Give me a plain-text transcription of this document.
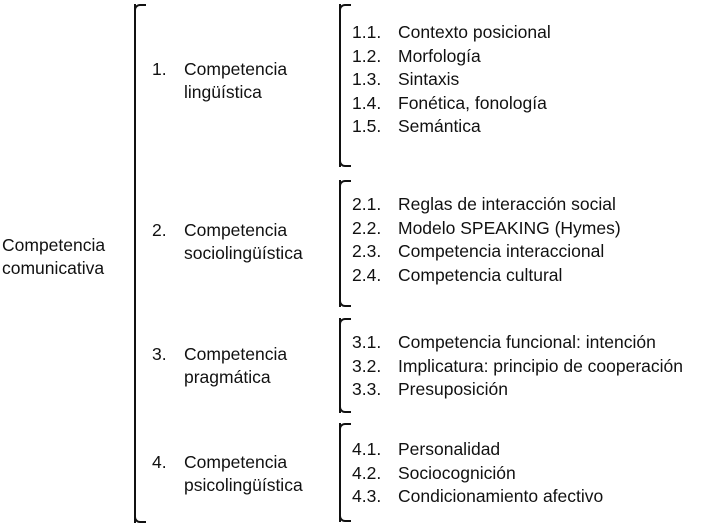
Competencia
comunicativa
1. Competencia
lingüística
1.1. Contexto posicional
1.2. Morfología
1.3. Sintaxis
1.4. Fonética, fonología
1.5. Semántica
2. Competencia
sociolingüística
2.1. Reglas de interacción social
2.2. Modelo SPEAKING (Hymes)
2.3. Competencia interaccional
2.4. Competencia cultural
3. Competencia
pragmática
3.1. Competencia funcional: intención
3.2. Implicatura: principio de cooperación
3.3. Presuposición
4. Competencia
psicolingüística
4.1. Personalidad
4.2. Sociocognición
4.3. Condicionamiento afectivo
